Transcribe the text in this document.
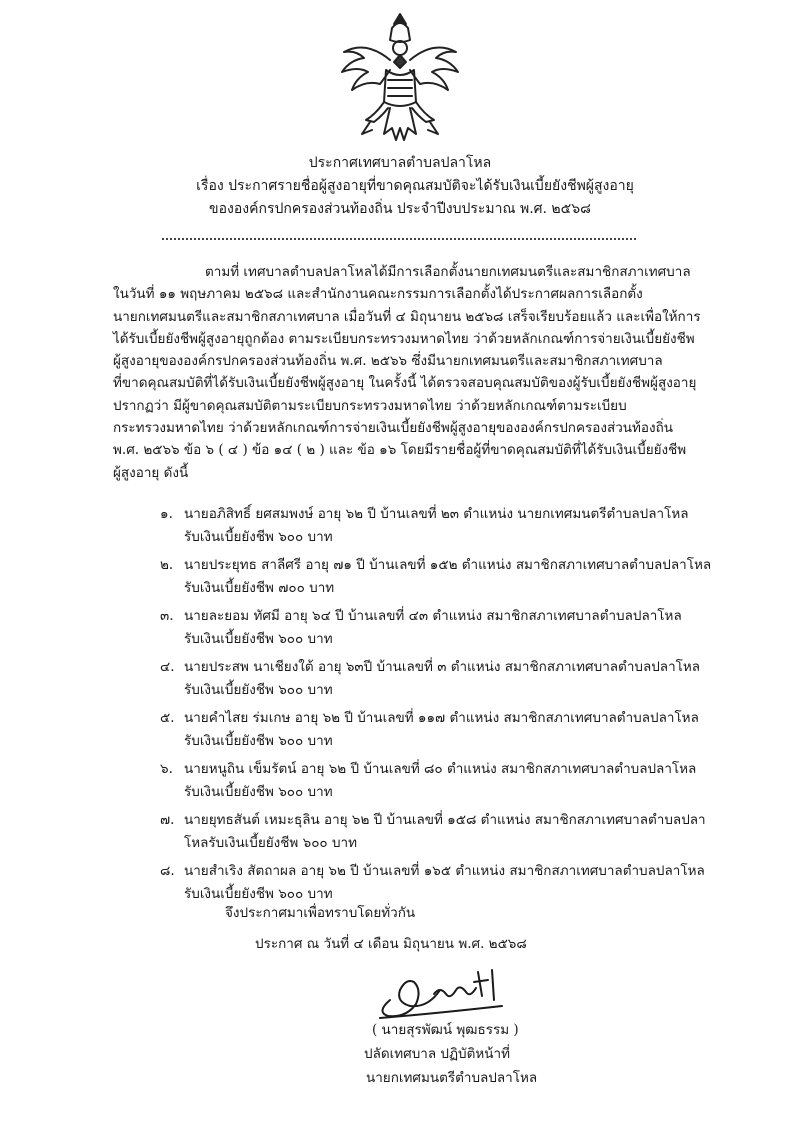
ประกาศเทศบาลตำบลปลาโหล
เรื่อง ประกาศรายชื่อผู้สูงอายุที่ขาดคุณสมบัติจะได้รับเงินเบี้ยยังชีพผู้สูงอายุ
ขององค์กรปกครองส่วนท้องถิ่น ประจำปีงบประมาณ พ.ศ. ๒๕๖๘
ตามที่ เทศบาลตำบลปลาโหลได้มีการเลือกตั้งนายกเทศมนตรีและสมาชิกสภาเทศบาล
ในวันที่ ๑๑ พฤษภาคม ๒๕๖๘ และสำนักงานคณะกรรมการเลือกตั้งได้ประกาศผลการเลือกตั้ง
นายกเทศมนตรีและสมาชิกสภาเทศบาล เมื่อวันที่ ๔ มิถุนายน ๒๕๖๘ เสร็จเรียบร้อยแล้ว และเพื่อให้การ
ได้รับเบี้ยยังชีพผู้สูงอายุถูกต้อง ตามระเบียบกระทรวงมหาดไทย ว่าด้วยหลักเกณฑ์การจ่ายเงินเบี้ยยังชีพ
ผู้สูงอายุขององค์กรปกครองส่วนท้องถิ่น พ.ศ. ๒๕๖๖ ซึ่งมีนายกเทศมนตรีและสมาชิกสภาเทศบาล
ที่ขาดคุณสมบัติที่ได้รับเงินเบี้ยยังชีพผู้สูงอายุ ในครั้งนี้ ได้ตรวจสอบคุณสมบัติของผู้รับเบี้ยยังชีพผู้สูงอายุ
ปรากฏว่า มีผู้ขาดคุณสมบัติตามระเบียบกระทรวงมหาดไทย ว่าด้วยหลักเกณฑ์ตามระเบียบ
กระทรวงมหาดไทย ว่าด้วยหลักเกณฑ์การจ่ายเงินเบี้ยยังชีพผู้สูงอายุขององค์กรปกครองส่วนท้องถิ่น
พ.ศ. ๒๕๖๖ ข้อ ๖ ( ๔ ) ข้อ ๑๔ ( ๒ ) และ ข้อ ๑๖ โดยมีรายชื่อผู้ที่ขาดคุณสมบัติที่ได้รับเงินเบี้ยยังชีพ
ผู้สูงอายุ ดังนี้
๑. นายอภิสิทธิ์ ยศสมพงษ์ อายุ ๖๒ ปี บ้านเลขที่ ๒๓ ตำแหน่ง นายกเทศมนตรีตำบลปลาโหล
รับเงินเบี้ยยังชีพ ๖๐๐ บาท
๒. นายประยุทธ สาลีศรี อายุ ๗๑ ปี บ้านเลขที่ ๑๕๒ ตำแหน่ง สมาชิกสภาเทศบาลตำบลปลาโหล
รับเงินเบี้ยยังชีพ ๗๐๐ บาท
๓. นายละยอม ทัศมี อายุ ๖๔ ปี บ้านเลขที่ ๔๓ ตำแหน่ง สมาชิกสภาเทศบาลตำบลปลาโหล
รับเงินเบี้ยยังชีพ ๖๐๐ บาท
๔. นายประสพ นาเชียงใต้ อายุ ๖๓ปี บ้านเลขที่ ๓ ตำแหน่ง สมาชิกสภาเทศบาลตำบลปลาโหล
รับเงินเบี้ยยังชีพ ๖๐๐ บาท
๕. นายคำไสย ร่มเกษ อายุ ๖๒ ปี บ้านเลขที่ ๑๑๗ ตำแหน่ง สมาชิกสภาเทศบาลตำบลปลาโหล
รับเงินเบี้ยยังชีพ ๖๐๐ บาท
๖. นายหนูถิน เข็มรัตน์ อายุ ๖๒ ปี บ้านเลขที่ ๘๐ ตำแหน่ง สมาชิกสภาเทศบาลตำบลปลาโหล
รับเงินเบี้ยยังชีพ ๖๐๐ บาท
๗. นายยุทธสันต์ เหมะธุลิน อายุ ๖๒ ปี บ้านเลขที่ ๑๕๘ ตำแหน่ง สมาชิกสภาเทศบาลตำบลปลา
โหลรับเงินเบี้ยยังชีพ ๖๐๐ บาท
๘. นายสำเริง สัตถาผล อายุ ๖๒ ปี บ้านเลขที่ ๑๖๕ ตำแหน่ง สมาชิกสภาเทศบาลตำบลปลาโหล
รับเงินเบี้ยยังชีพ ๖๐๐ บาท
จึงประกาศมาเพื่อทราบโดยทั่วกัน
ประกาศ ณ วันที่ ๔ เดือน มิถุนายน พ.ศ. ๒๕๖๘
( นายสุรพัฒน์ พุฒธรรม )
ปลัดเทศบาล ปฏิบัติหน้าที่
นายกเทศมนตรีตำบลปลาโหล
